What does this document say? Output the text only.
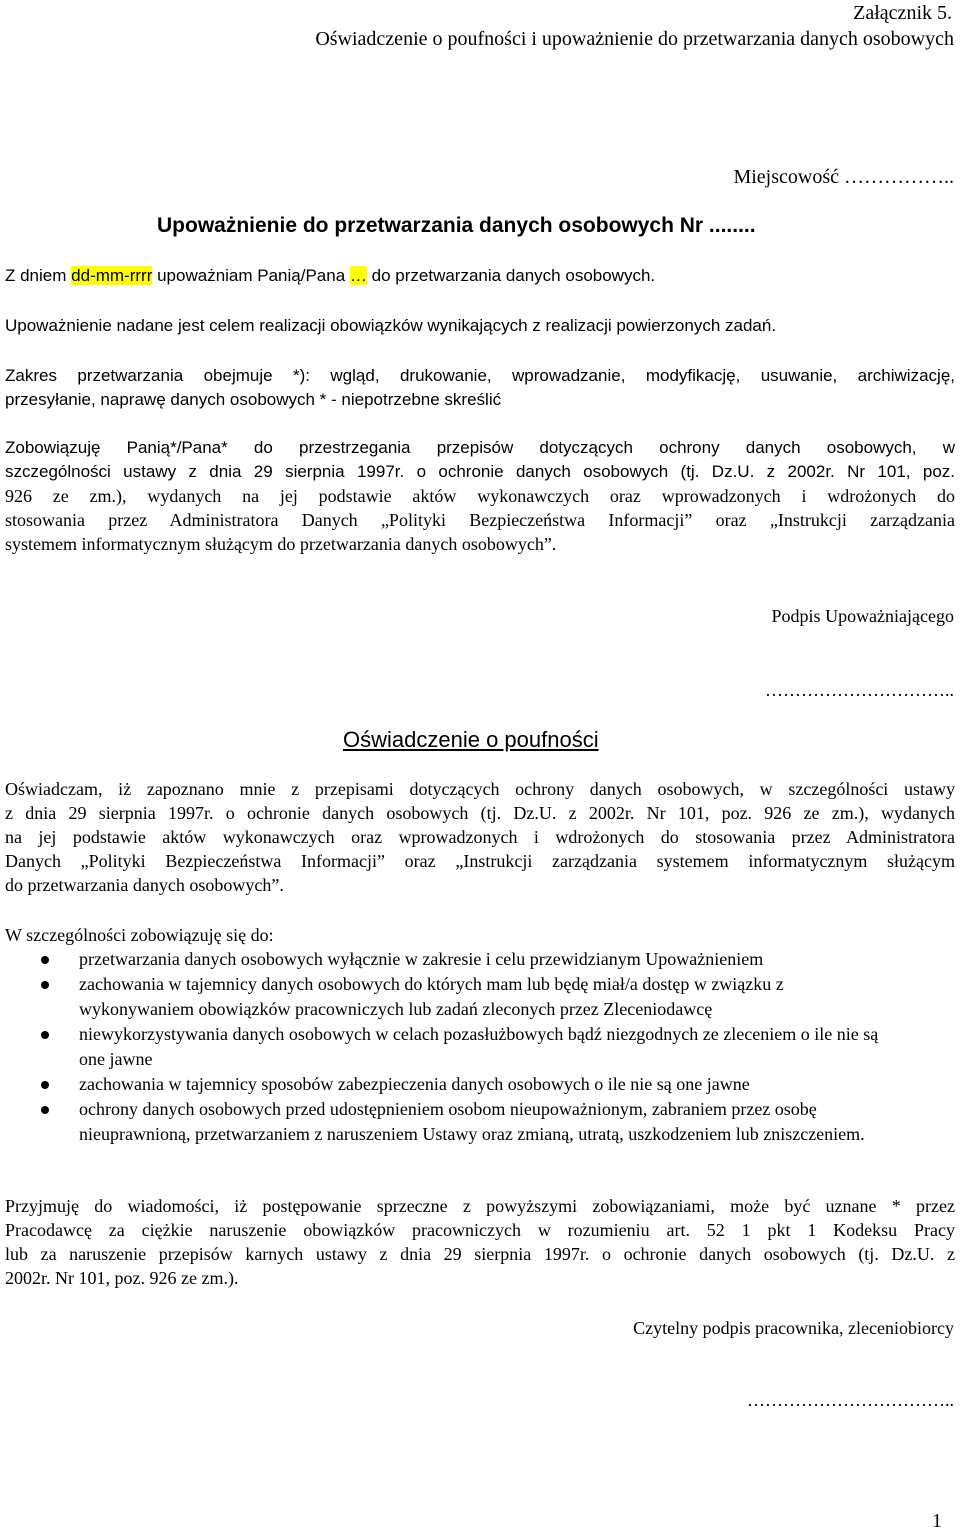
Załącznik 5.
Oświadczenie o poufności i upoważnienie do przetwarzania danych osobowych
Miejscowość ……………..
Upoważnienie do przetwarzania danych osobowych Nr ........
Z dniem dd-mm-rrrr upoważniam Panią/Pana … do przetwarzania danych osobowych.
Upoważnienie nadane jest celem realizacji obowiązków wynikających z realizacji powierzonych zadań.
Zakres przetwarzania obejmuje *): wgląd, drukowanie, wprowadzanie, modyfikację, usuwanie, archiwizację,
przesyłanie, naprawę danych osobowych * - niepotrzebne skreślić
Zobowiązuję Panią*/Pana* do przestrzegania przepisów dotyczących ochrony danych osobowych, w
szczególności ustawy z dnia 29 sierpnia 1997r. o ochronie danych osobowych (tj. Dz.U. z 2002r. Nr 101, poz.
926 ze zm.), wydanych na jej podstawie aktów wykonawczych oraz wprowadzonych i wdrożonych do
stosowania przez Administratora Danych „Polityki Bezpieczeństwa Informacji” oraz „Instrukcji zarządzania
systemem informatycznym służącym do przetwarzania danych osobowych”.
Podpis Upoważniającego
…………………………..
Oświadczenie o poufności
Oświadczam, iż zapoznano mnie z przepisami dotyczących ochrony danych osobowych, w szczególności ustawy
z dnia 29 sierpnia 1997r. o ochronie danych osobowych (tj. Dz.U. z 2002r. Nr 101, poz. 926 ze zm.), wydanych
na jej podstawie aktów wykonawczych oraz wprowadzonych i wdrożonych do stosowania przez Administratora
Danych „Polityki Bezpieczeństwa Informacji” oraz „Instrukcji zarządzania systemem informatycznym służącym
do przetwarzania danych osobowych”.
W szczególności zobowiązuję się do:
przetwarzania danych osobowych wyłącznie w zakresie i celu przewidzianym Upoważnieniem
zachowania w tajemnicy danych osobowych do których mam lub będę miał/a dostęp w związku z wykonywaniem obowiązków pracowniczych lub zadań zleconych przez Zleceniodawcę
niewykorzystywania danych osobowych w celach pozasłużbowych bądź niezgodnych ze zleceniem o ile nie są one jawne
zachowania w tajemnicy sposobów zabezpieczenia danych osobowych o ile nie są one jawne
ochrony danych osobowych przed udostępnieniem osobom nieupoważnionym, zabraniem przez osobę nieuprawnioną, przetwarzaniem z naruszeniem Ustawy oraz zmianą, utratą, uszkodzeniem lub zniszczeniem.
Przyjmuję do wiadomości, iż postępowanie sprzeczne z powyższymi zobowiązaniami, może być uznane * przez
Pracodawcę za ciężkie naruszenie obowiązków pracowniczych w rozumieniu art. 52 1 pkt 1 Kodeksu Pracy
lub za naruszenie przepisów karnych ustawy z dnia 29 sierpnia 1997r. o ochronie danych osobowych (tj. Dz.U. z
2002r. Nr 101, poz. 926 ze zm.).
Czytelny podpis pracownika, zleceniobiorcy
……………………………..
1
